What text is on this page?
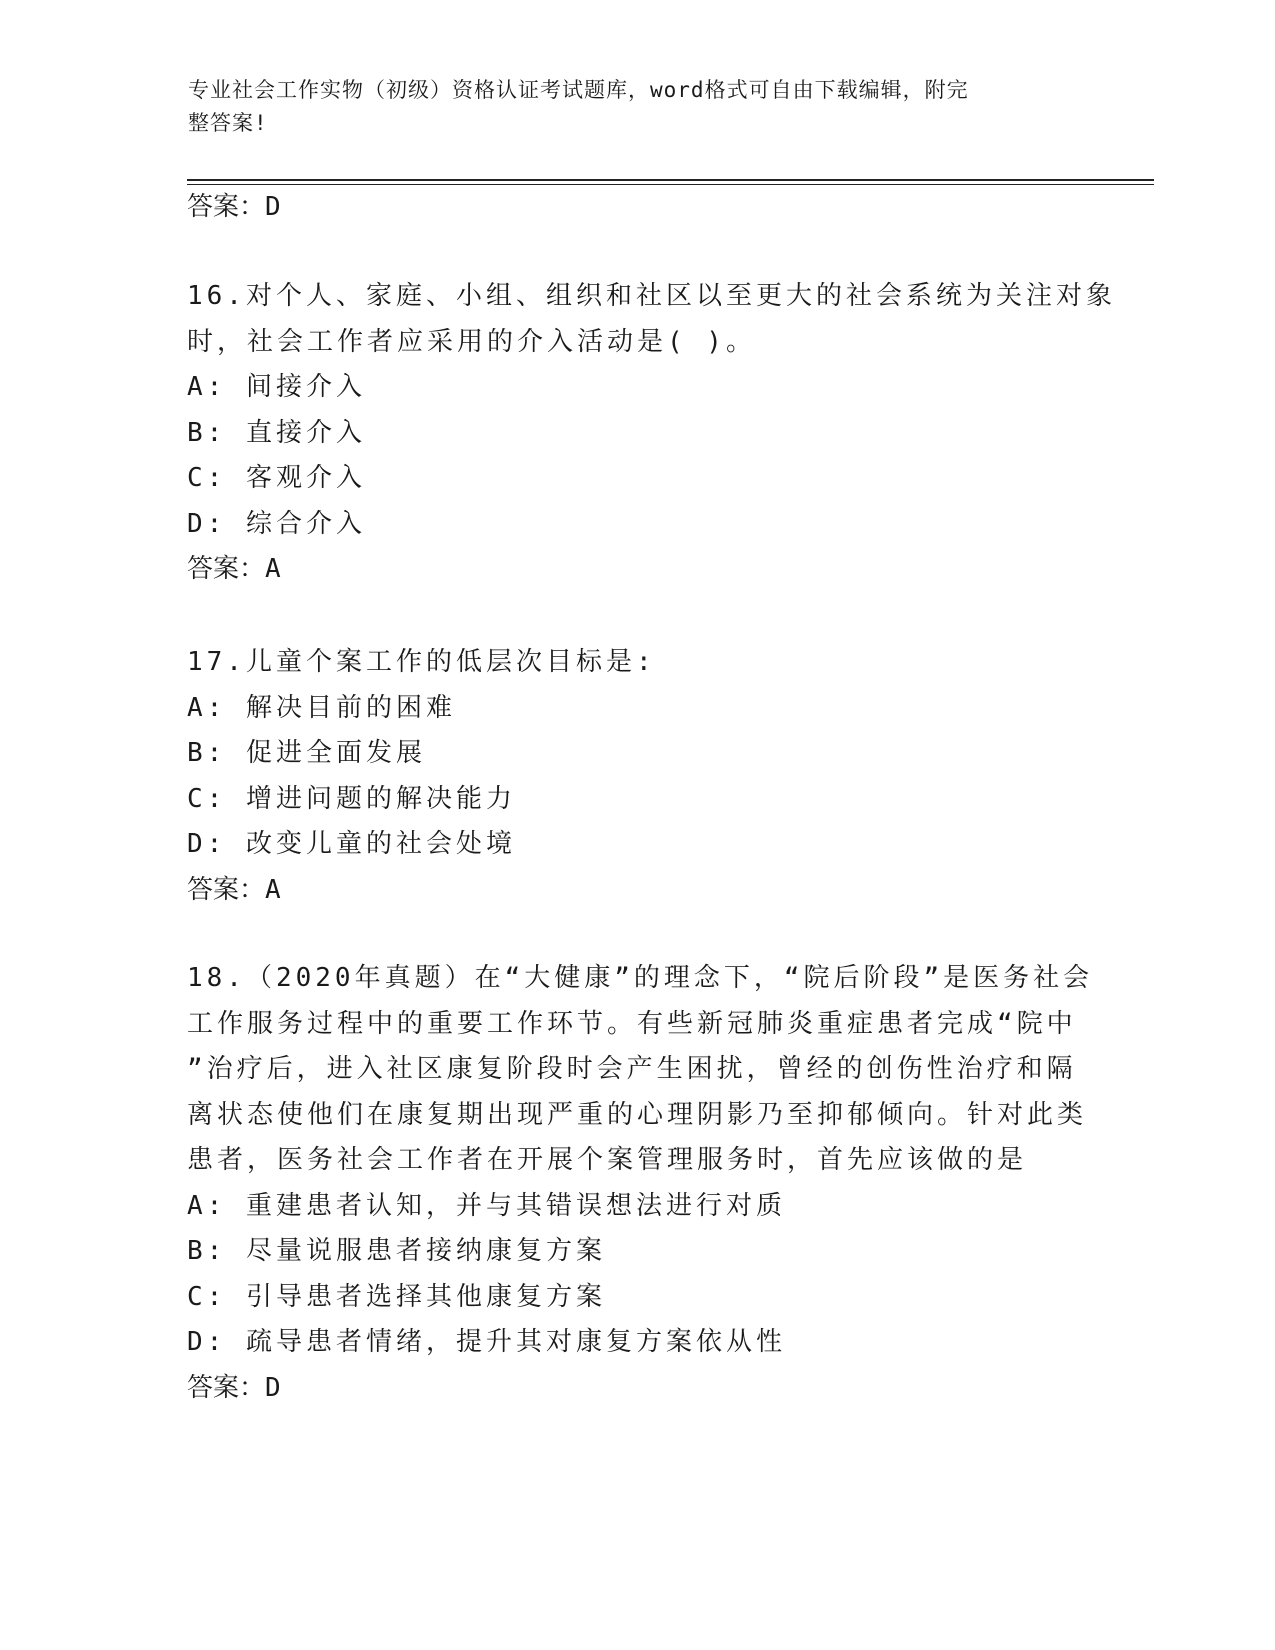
专业社会工作实物（初级）资格认证考试题库，word格式可自由下载编辑，附完
整答案!
答案：D
16.对个人、家庭、小组、组织和社区以至更大的社会系统为关注对象
时，社会工作者应采用的介入活动是( )。
A: 间接介入
B: 直接介入
C: 客观介入
D: 综合介入
答案：A
17.儿童个案工作的低层次目标是:
A: 解决目前的困难
B: 促进全面发展
C: 增进问题的解决能力
D: 改变儿童的社会处境
答案：A
18.（2020年真题）在“大健康”的理念下，“院后阶段”是医务社会
工作服务过程中的重要工作环节。有些新冠肺炎重症患者完成“院中
”治疗后，进入社区康复阶段时会产生困扰，曾经的创伤性治疗和隔
离状态使他们在康复期出现严重的心理阴影乃至抑郁倾向。针对此类
患者，医务社会工作者在开展个案管理服务时，首先应该做的是
A: 重建患者认知，并与其错误想法进行对质
B: 尽量说服患者接纳康复方案
C: 引导患者选择其他康复方案
D: 疏导患者情绪，提升其对康复方案依从性
答案：D
